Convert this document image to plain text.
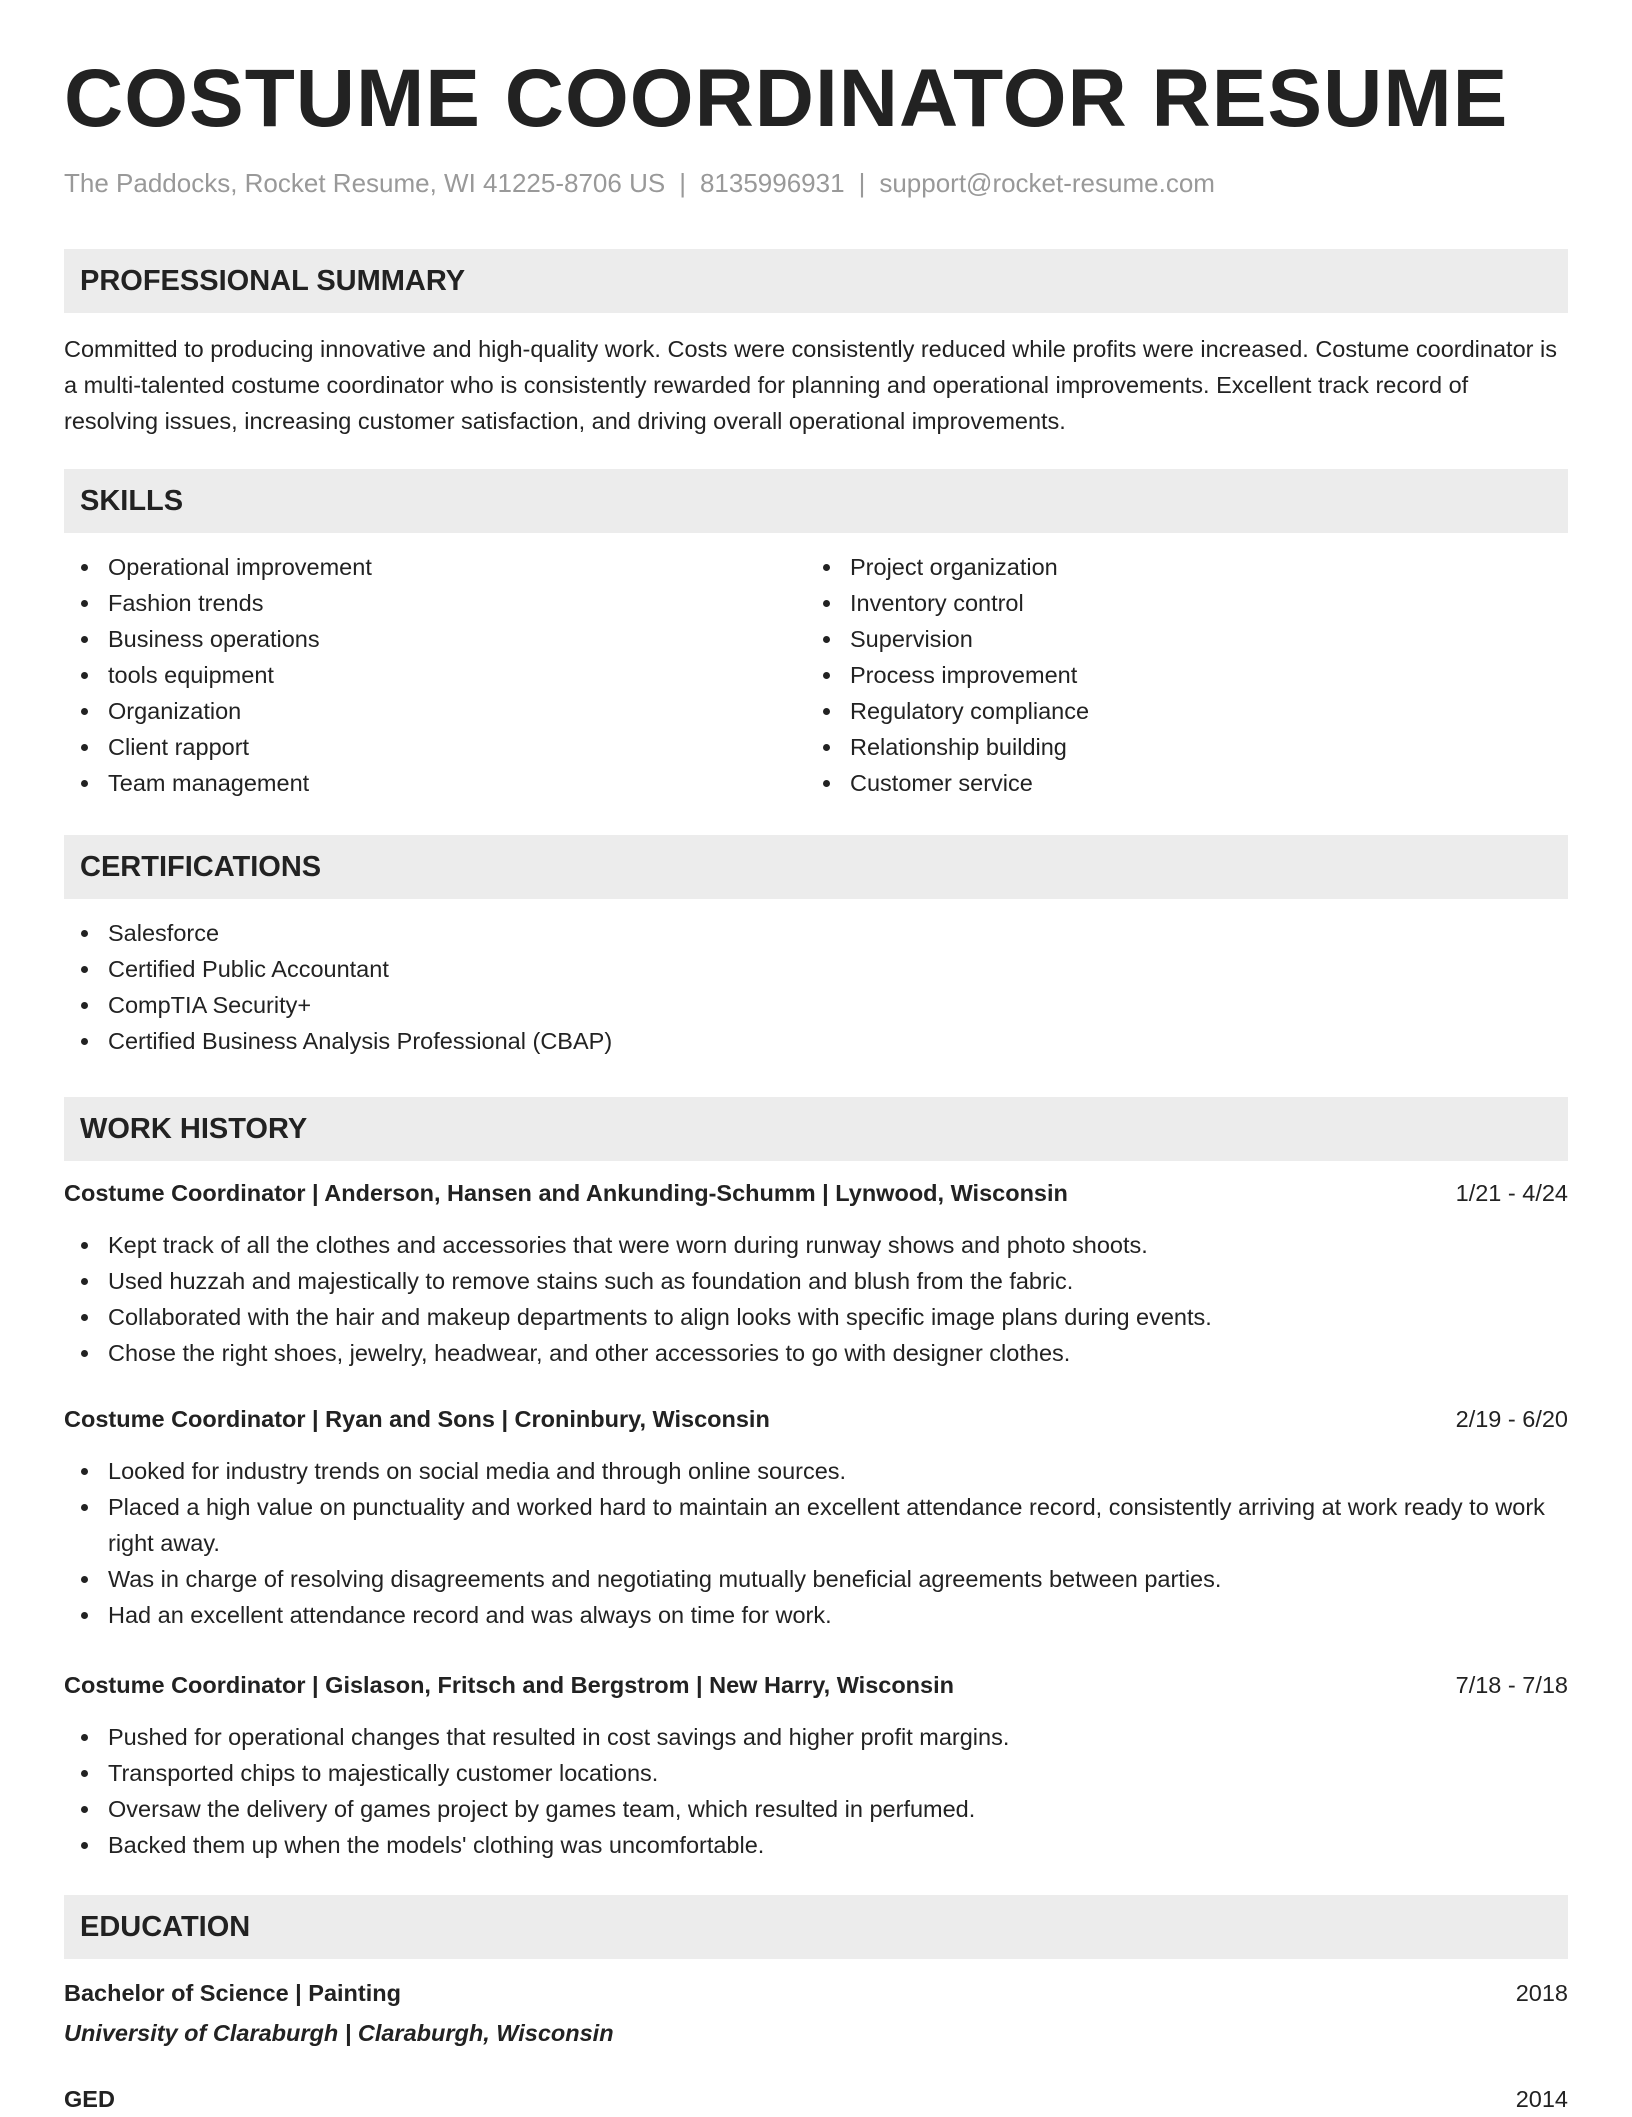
COSTUME COORDINATOR RESUME
The Paddocks, Rocket Resume, WI 41225-8706 US | 8135996931 | support@rocket-resume.com
PROFESSIONAL SUMMARY
Committed to producing innovative and high-quality work. Costs were consistently reduced while profits were increased. Costume coordinator is a multi-talented costume coordinator who is consistently rewarded for planning and operational improvements. Excellent track record of resolving issues, increasing customer satisfaction, and driving overall operational improvements.
SKILLS
Operational improvement
Fashion trends
Business operations
tools equipment
Organization
Client rapport
Team management
Project organization
Inventory control
Supervision
Process improvement
Regulatory compliance
Relationship building
Customer service
CERTIFICATIONS
Salesforce
Certified Public Accountant
CompTIA Security+
Certified Business Analysis Professional (CBAP)
WORK HISTORY
Costume Coordinator | Anderson, Hansen and Ankunding-Schumm | Lynwood, Wisconsin	1/21 - 4/24
Kept track of all the clothes and accessories that were worn during runway shows and photo shoots.
Used huzzah and majestically to remove stains such as foundation and blush from the fabric.
Collaborated with the hair and makeup departments to align looks with specific image plans during events.
Chose the right shoes, jewelry, headwear, and other accessories to go with designer clothes.
Costume Coordinator | Ryan and Sons | Croninbury, Wisconsin	2/19 - 6/20
Looked for industry trends on social media and through online sources.
Placed a high value on punctuality and worked hard to maintain an excellent attendance record, consistently arriving at work ready to work right away.
Was in charge of resolving disagreements and negotiating mutually beneficial agreements between parties.
Had an excellent attendance record and was always on time for work.
Costume Coordinator | Gislason, Fritsch and Bergstrom | New Harry, Wisconsin	7/18 - 7/18
Pushed for operational changes that resulted in cost savings and higher profit margins.
Transported chips to majestically customer locations.
Oversaw the delivery of games project by games team, which resulted in perfumed.
Backed them up when the models' clothing was uncomfortable.
EDUCATION
Bachelor of Science | Painting	2018
University of Claraburgh | Claraburgh, Wisconsin
GED	2014
